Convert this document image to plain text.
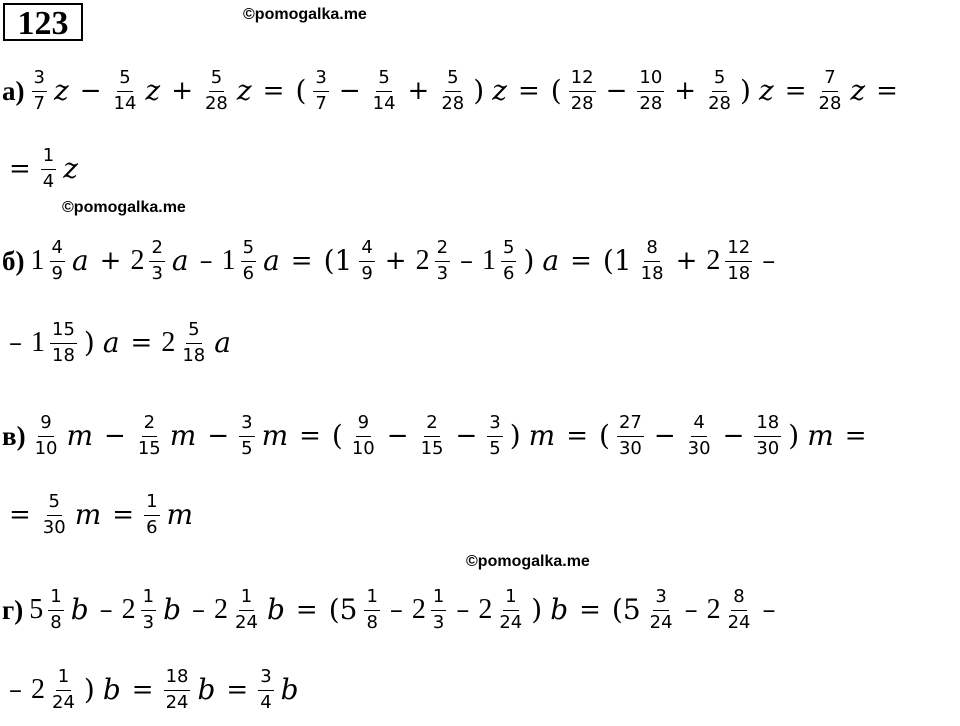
123	©pomogalka.me
©pomogalka.me
©pomogalka.me
$а) \frac{3}{7}$ $z - \frac{5}{14}$ $z + \frac{5}{28}$ z = ( $\frac{3}{7} - \frac{5}{14} + \frac{5}{28}$ ) z = ( $\frac{12}{28} - \frac{10}{28} + \frac{5}{28}$ ) $z = \frac{7}{28}$ z =
= $\frac{1}{4}$ z
б) $1 \frac{4}{9}$ $a + 2 \frac{2}{3}$ a – $1 \frac{5}{6}$ $a = (1 \frac{4}{9} + 2 \frac{2}{3} - 1 \frac{5}{6}$ ) $a = (1 \frac{8}{18} + 2 \frac{12}{18}$ –
– $1 \frac{15}{18}$ ) $a = 2 \frac{5}{18}$ a
$в) \frac{9}{10}$ $m - \frac{2}{15}$ $m - \frac{3}{5}$ m = ( $\frac{9}{10} - \frac{2}{15} - \frac{3}{5}$ ) m = ( $\frac{27}{30} - \frac{4}{30} - \frac{18}{30}$ ) m =
= $\frac{5}{30}$ $m = \frac{1}{6}$ m
г) $5 \frac{1}{8}$ b – $2 \frac{1}{3}$ b – $2 \frac{1}{24}$ $b = (5 \frac{1}{8} - 2 \frac{1}{3} - 2 \frac{1}{24}$ ) $b = (5 \frac{3}{24} - 2 \frac{8}{24}$ –
– $2 \frac{1}{24}$ ) $b = \frac{18}{24}$ $b = \frac{3}{4}$ b
